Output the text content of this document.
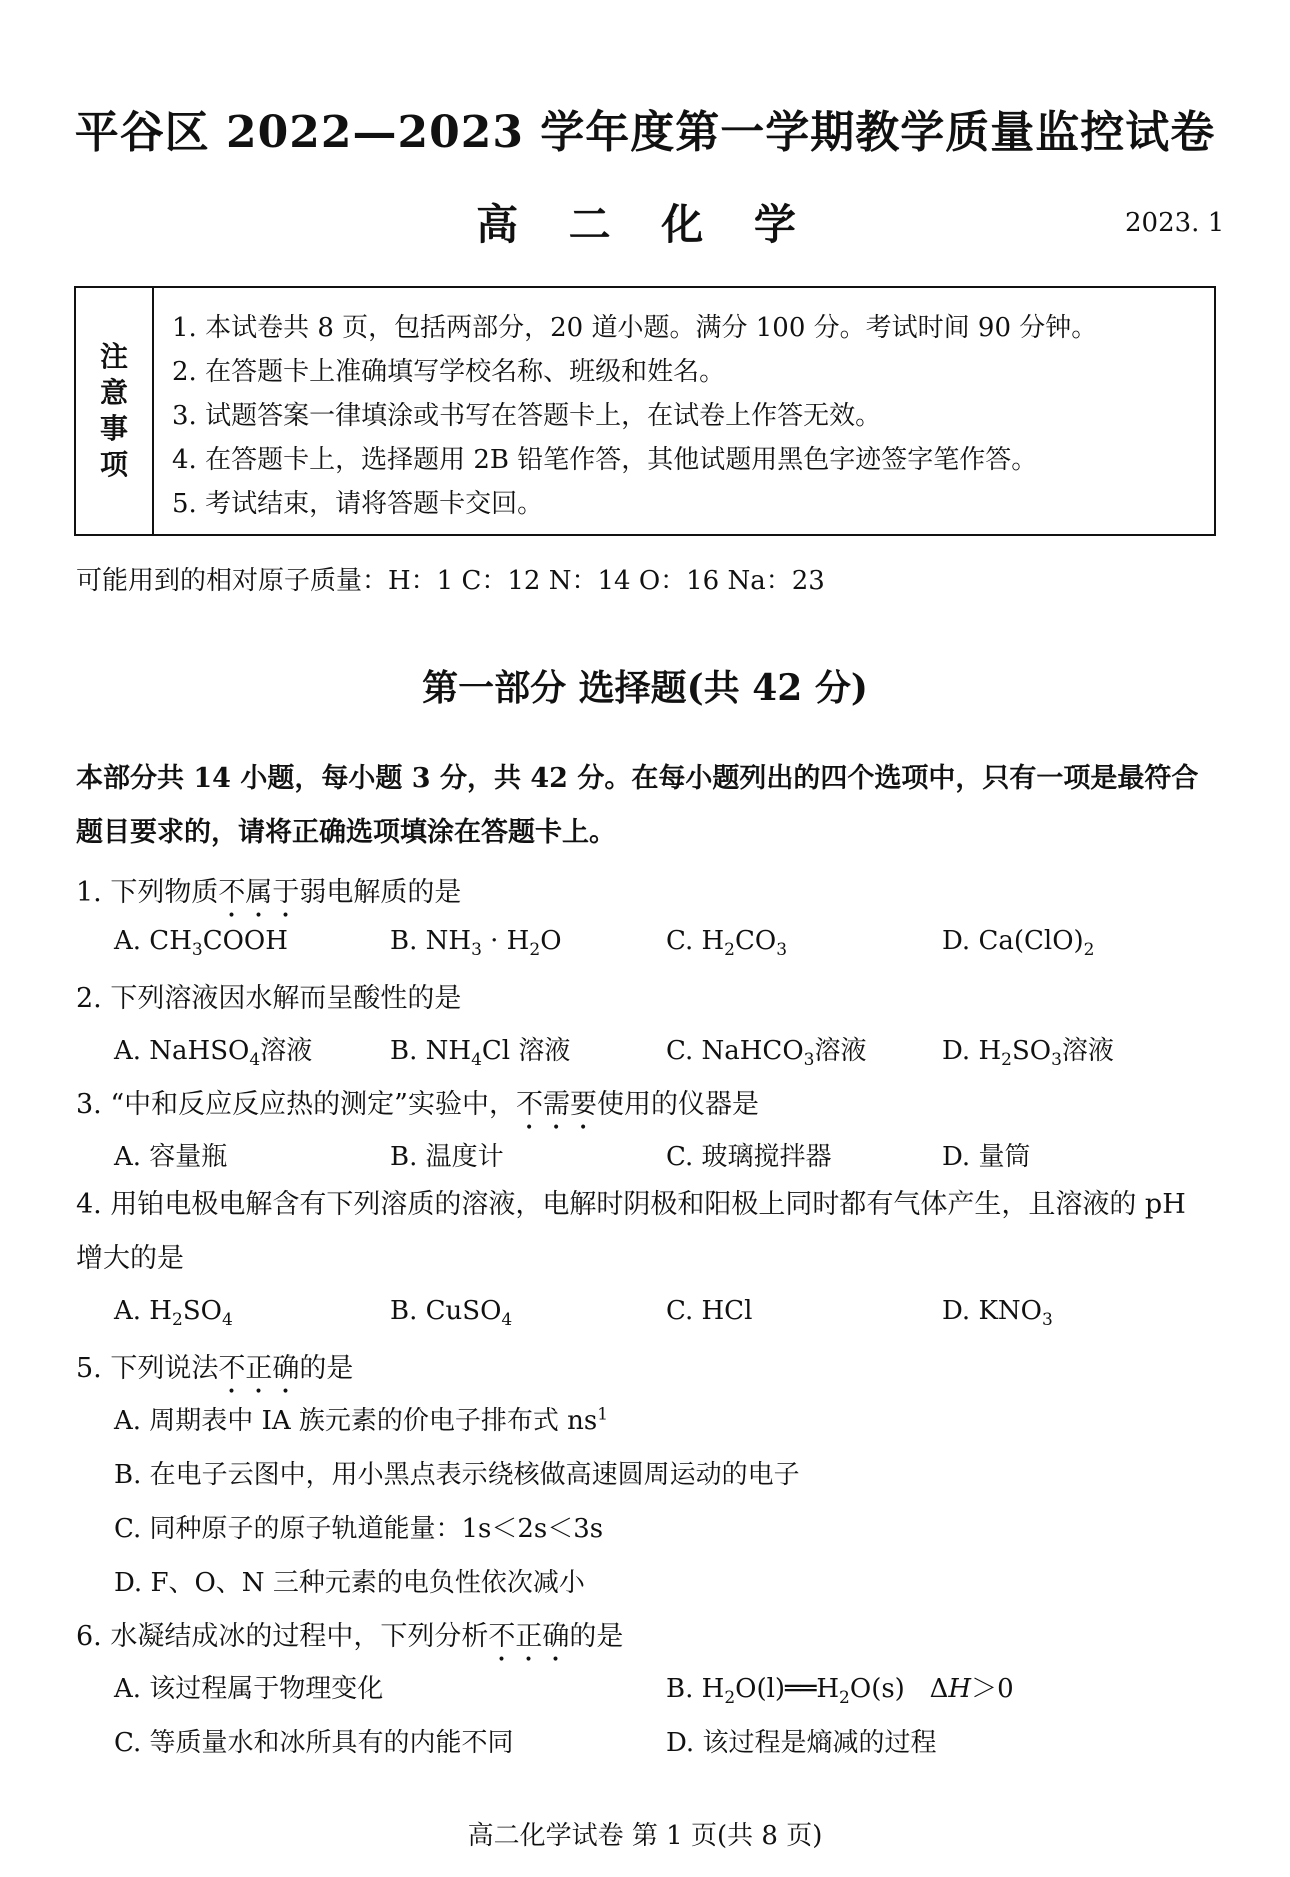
平谷区 2022—2023 学年度第一学期教学质量监控试卷
高 二 化 学	2023. 1
注
意
事
项
1. 本试卷共 8 页，包括两部分，20 道小题。满分 100 分。考试时间 90 分钟。
2. 在答题卡上准确填写学校名称、班级和姓名。
3. 试题答案一律填涂或书写在答题卡上，在试卷上作答无效。
4. 在答题卡上，选择题用 2B 铅笔作答，其他试题用黑色字迹签字笔作答。
5. 考试结束，请将答题卡交回。
可能用到的相对原子质量：H：1 C：12 N：14 O：16 Na：23
第一部分 选择题(共 42 分)
本部分共 14 小题，每小题 3 分，共 42 分。在每小题列出的四个选项中，只有一项是最符合题目要求的，请将正确选项填涂在答题卡上。
1. 下列物质不属于弱电解质的是
A. $CH_3COOH$	B. $NH_3 \cdot H_2O$	C. $H_2CO_3$	D. $Ca(ClO)_2$
2. 下列溶液因水解而呈酸性的是
A. NaHSO$_4$溶液	B. $NH_4Cl$ 溶液	C. NaHCO$_3$溶液	D. $H_2SO_3$溶液
3. “中和反应反应热的测定”实验中，不需要使用的仪器是
A. 容量瓶	B. 温度计	C. 玻璃搅拌器	D. 量筒
4. 用铂电极电解含有下列溶质的溶液，电解时阴极和阳极上同时都有气体产生，且溶液的 pH 增大的是
A. $H_2SO_4$	B. CuSO$_4$	C. HCl	D. $KNO_3$
5. 下列说法不正确的是
A. 周期表中 IA 族元素的价电子排布式 $ns^1$
B. 在电子云图中，用小黑点表示绕核做高速圆周运动的电子
C. 同种原子的原子轨道能量：1s＜2s＜3s
D. F、O、N 三种元素的电负性依次减小
6. 水凝结成冰的过程中，下列分析不正确的是
A. 该过程属于物理变化	B. $H_2O(l)══H_2O(s)$   ΔH＞0
C. 等质量水和冰所具有的内能不同	D. 该过程是熵减的过程
高二化学试卷 第 1 页(共 8 页)
